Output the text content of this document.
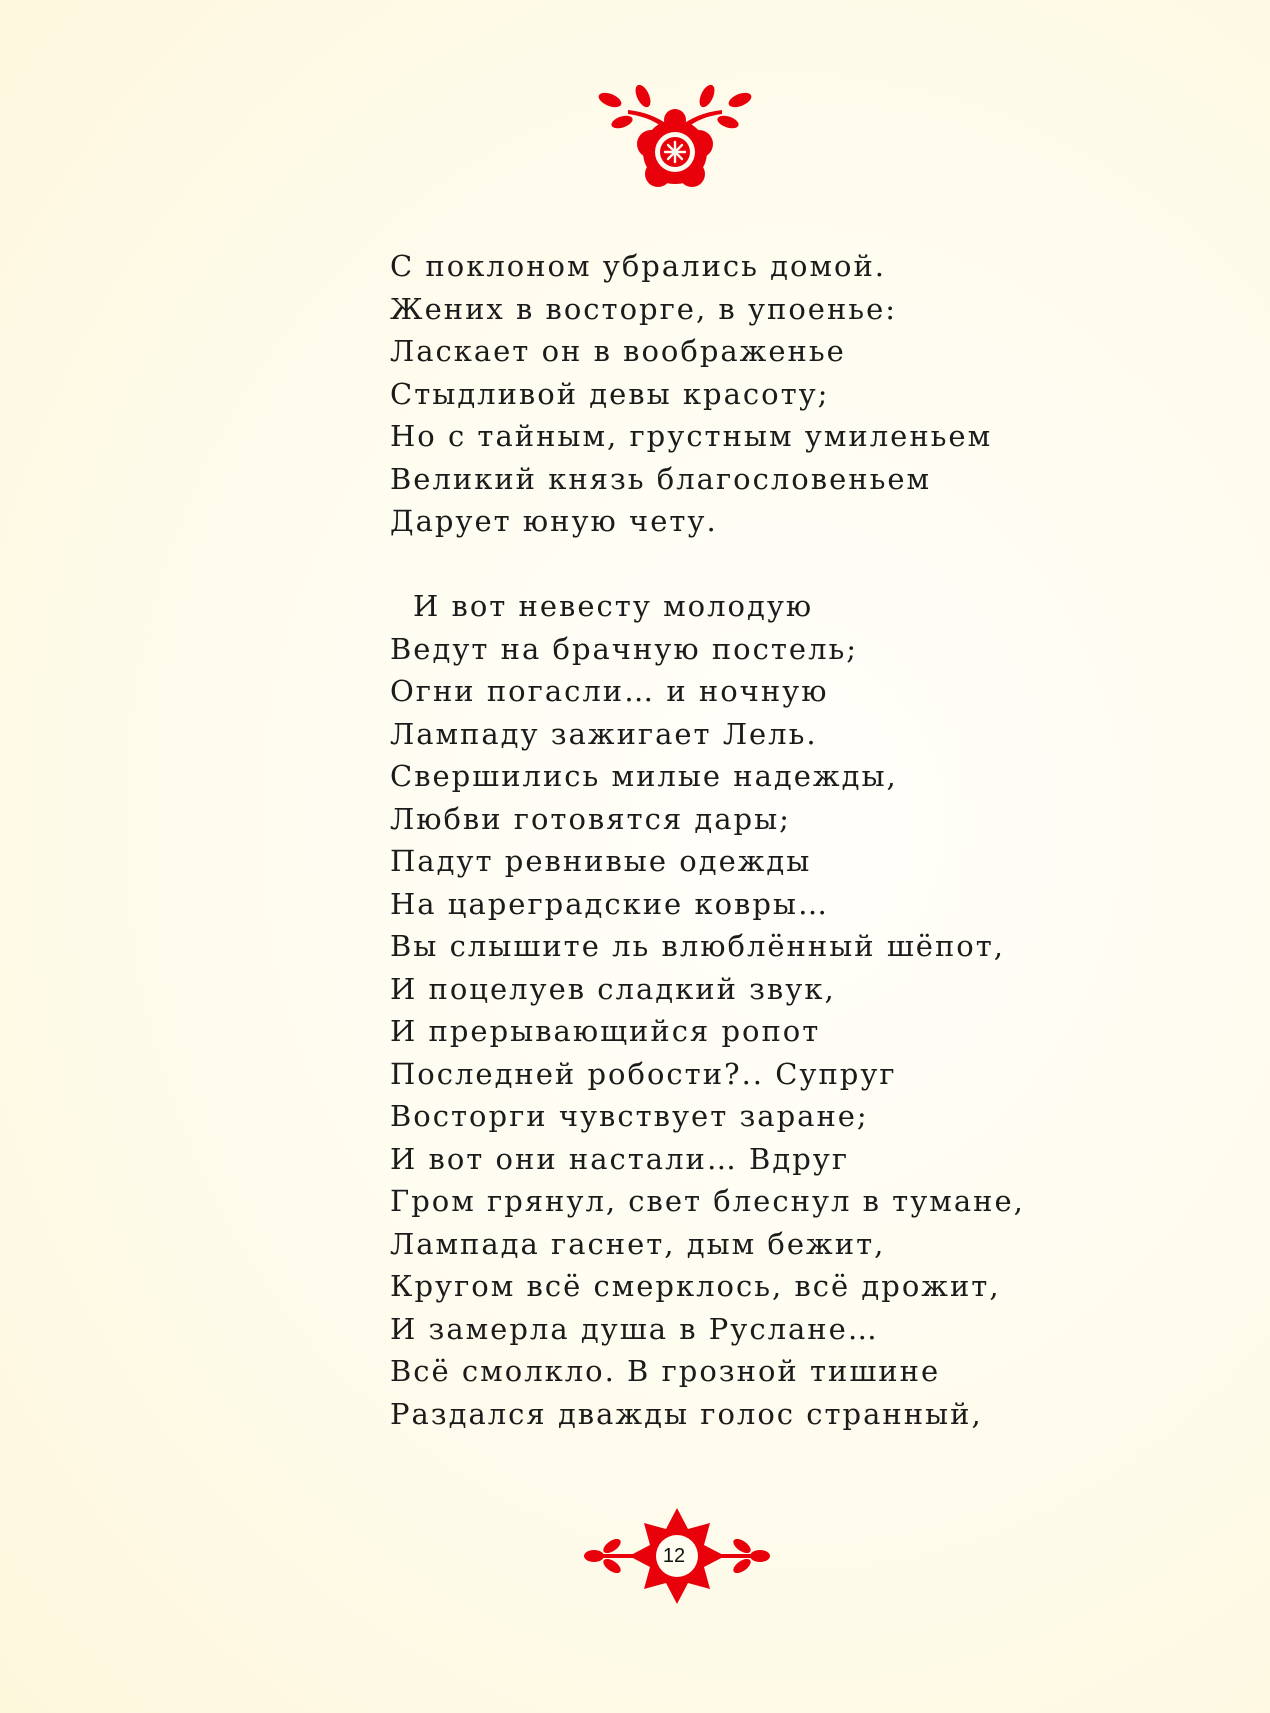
С поклоном убрались домой.
Жених в восторге, в упоенье:
Ласкает он в воображенье
Стыдливой девы красоту;
Но с тайным, грустным умиленьем
Великий князь благословеньем
Дарует юную чету.
И вот невесту молодую
Ведут на брачную постель;
Огни погасли… и ночную
Лампаду зажигает Лель.
Свершились милые надежды,
Любви готовятся дары;
Падут ревнивые одежды
На цареградские ковры…
Вы слышите ль влюблённый шёпот,
И поцелуев сладкий звук,
И прерывающийся ропот
Последней робости?.. Супруг
Восторги чувствует заране;
И вот они настали… Вдруг
Гром грянул, свет блеснул в тумане,
Лампада гаснет, дым бежит,
Кругом всё смерклось, всё дрожит,
И замерла душа в Руслане…
Всё смолкло. В грозной тишине
Раздался дважды голос странный,
12
